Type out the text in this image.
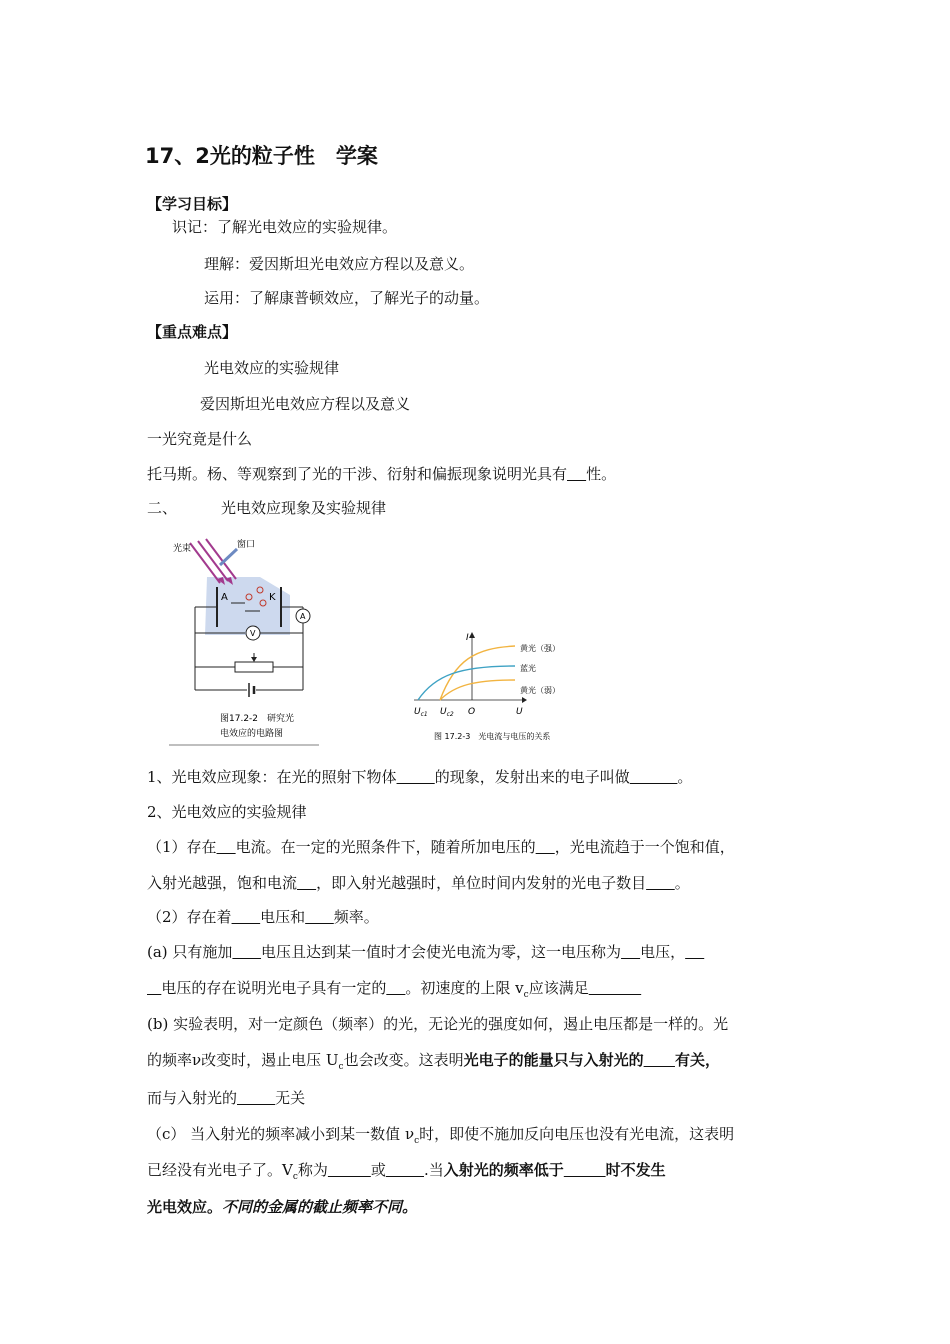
17、2光的粒子性　学案
【学习目标】
识记：了解光电效应的实验规律。
理解：爱因斯坦光电效应方程以及意义。
运用：了解康普顿效应，了解光子的动量。
【重点难点】
光电效应的实验规律
爱因斯坦光电效应方程以及意义
一光究竟是什么
托马斯。杨、等观察到了光的干涉、衍射和偏振现象说明光具有 性。
二、	光电效应现象及实验规律
光束	窗口
A	K
A
V
图17.2-2　研究光
电效应的电路图
I
U
O
$U_{c1}$ $U_{c2}$
黄光（强）
蓝光
黄光（弱）
图 17.2-3　光电流与电压的关系
1、光电效应现象：在光的照射下物体	的现象，发射出来的电子叫做	。
2、光电效应的实验规律
（1）存在 电流。在一定的光照条件下，随着所加电压的 ，光电流趋于一个饱和值，
入射光越强，饱和电流 ，即入射光越强时，单位时间内发射的光电子数目 。
（2）存在着 电压和 频率。
(a) 只有施加 电压且达到某一值时才会使光电流为零，这一电压称为 电压，
电压的存在说明光电子具有一定的 。初速度的上限 $v_c$应该满足
(b) 实验表明，对一定颜色（频率）的光，无论光的强度如何，遏止电压都是一样的。光
的频率ν改变时，遏止电压 $U_c$也会改变。这表明光电子的能量只与入射光的 有关，
而与入射光的	无关
（c） 当入射光的频率减小到某一数值 $\nu_c$时，即使不施加反向电压也没有光电流，这表明
已经没有光电子了。$V_c$称为	或	.当入射光的频率低于	时不发生
光电效应。不同的金属的截止频率不同。
